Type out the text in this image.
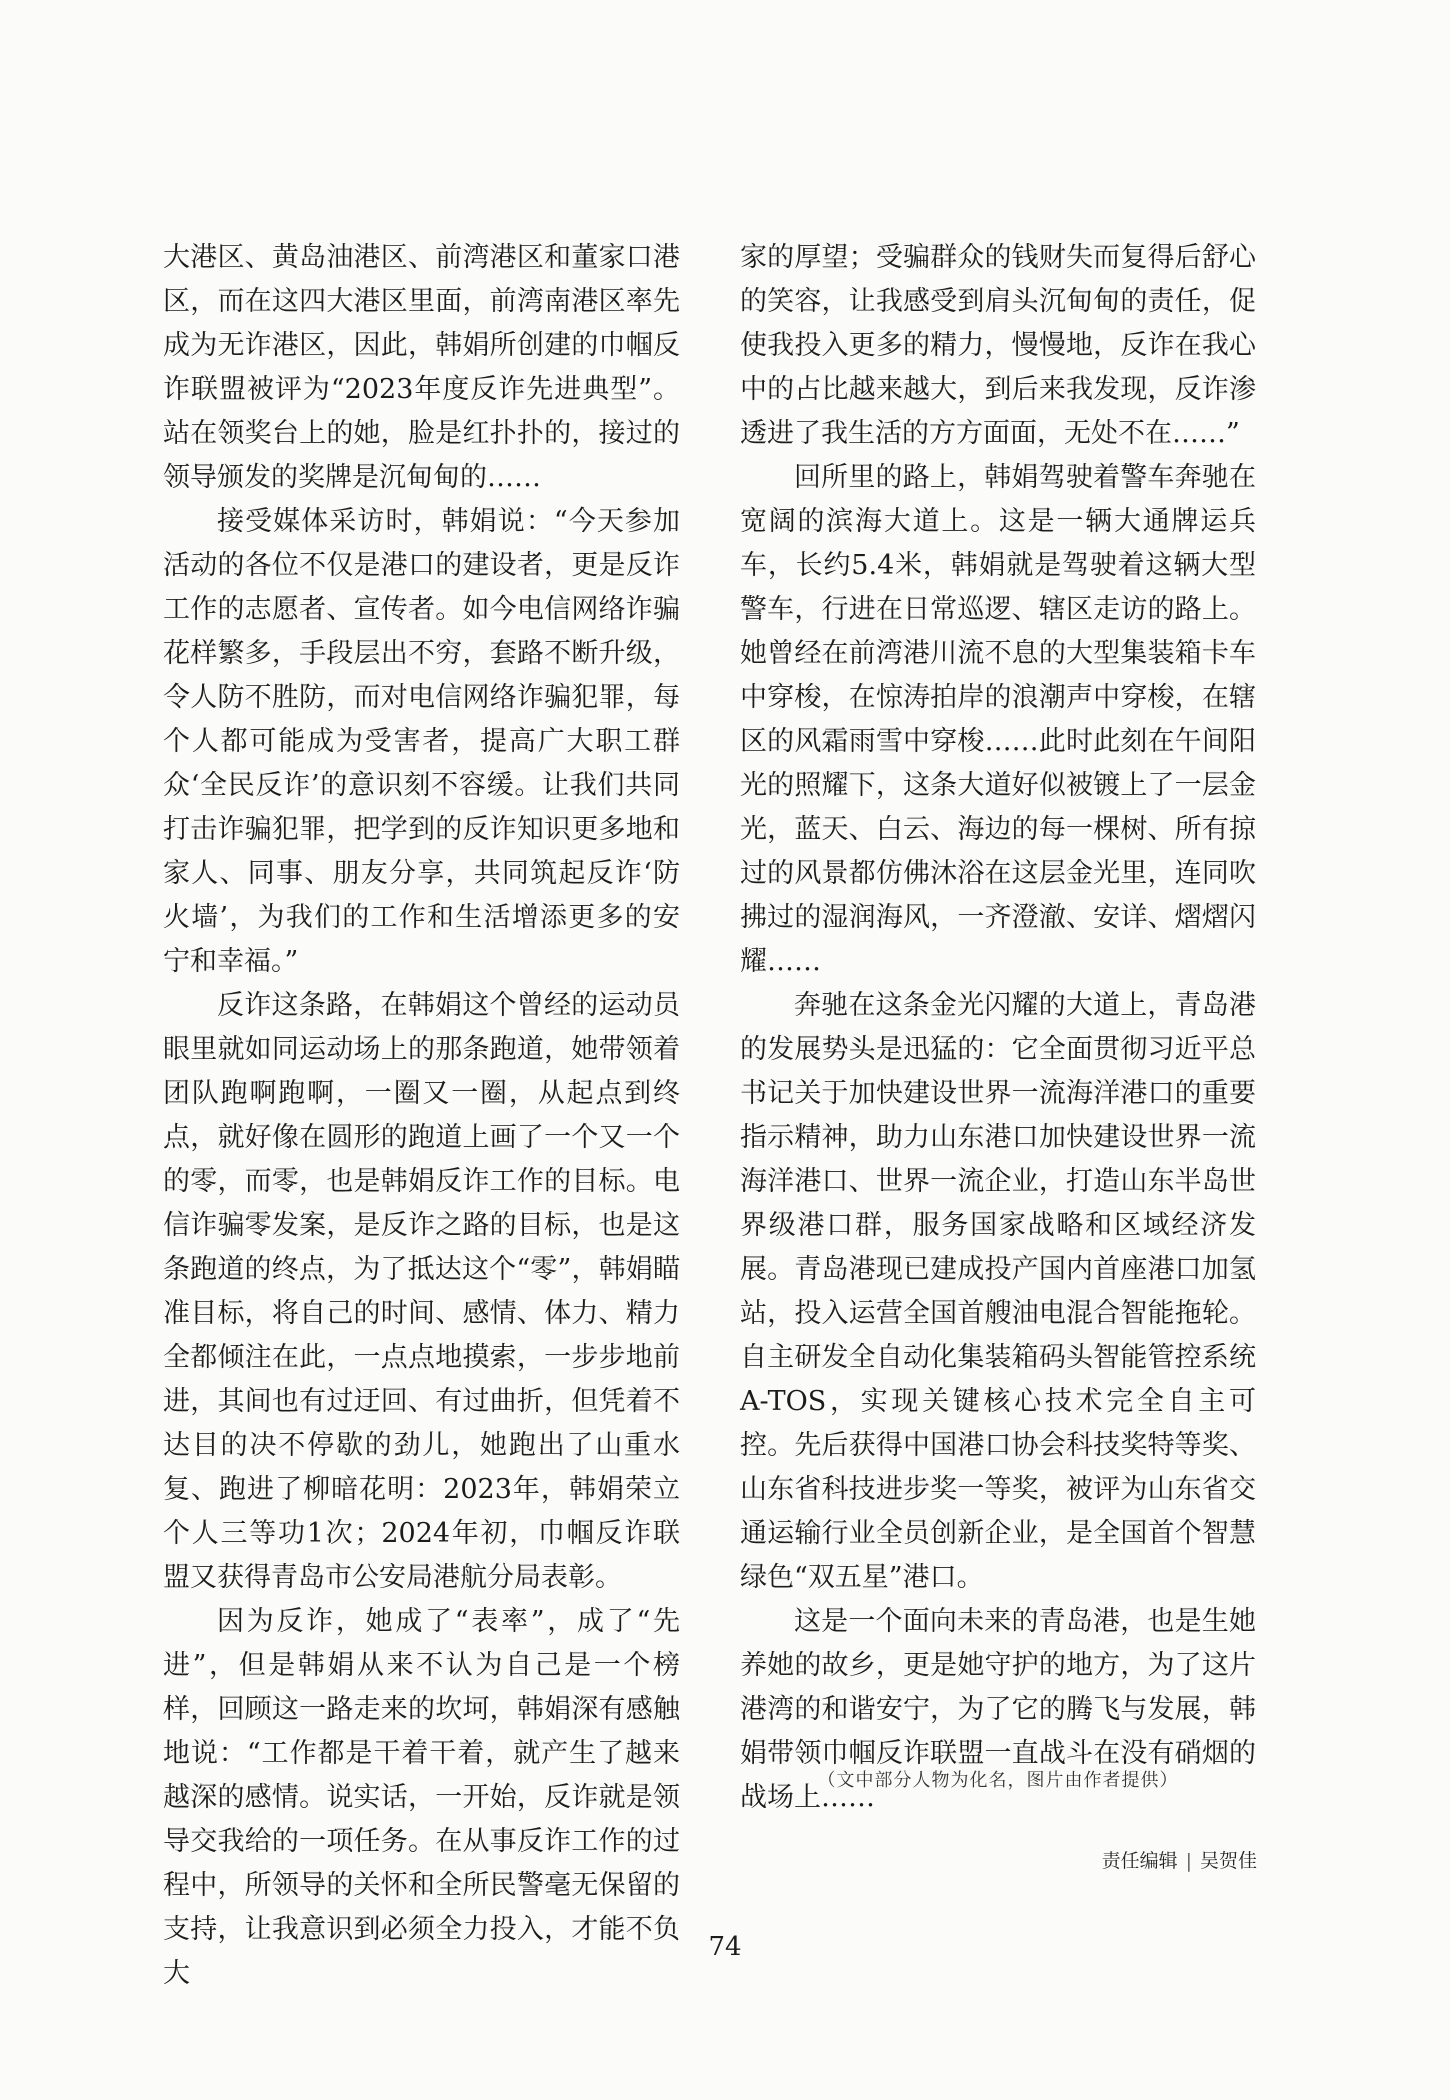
大港区、黄岛油港区、前湾港区和董家口港区，而在这四大港区里面，前湾南港区率先成为无诈港区，因此，韩娟所创建的巾帼反诈联盟被评为“2023年度反诈先进典型”。站在领奖台上的她，脸是红扑扑的，接过的领导颁发的奖牌是沉甸甸的……

接受媒体采访时，韩娟说：“今天参加活动的各位不仅是港口的建设者，更是反诈工作的志愿者、宣传者。如今电信网络诈骗花样繁多，手段层出不穷，套路不断升级，令人防不胜防，而对电信网络诈骗犯罪，每个人都可能成为受害者，提高广大职工群众‘全民反诈’的意识刻不容缓。让我们共同打击诈骗犯罪，把学到的反诈知识更多地和家人、同事、朋友分享，共同筑起反诈‘防火墙’，为我们的工作和生活增添更多的安宁和幸福。”

反诈这条路，在韩娟这个曾经的运动员眼里就如同运动场上的那条跑道，她带领着团队跑啊跑啊，一圈又一圈，从起点到终点，就好像在圆形的跑道上画了一个又一个的零，而零，也是韩娟反诈工作的目标。电信诈骗零发案，是反诈之路的目标，也是这条跑道的终点，为了抵达这个“零”，韩娟瞄准目标，将自己的时间、感情、体力、精力全都倾注在此，一点点地摸索，一步步地前进，其间也有过迂回、有过曲折，但凭着不达目的决不停歇的劲儿，她跑出了山重水复、跑进了柳暗花明：2023年，韩娟荣立个人三等功1次；2024年初，巾帼反诈联盟又获得青岛市公安局港航分局表彰。

因为反诈，她成了“表率”，成了“先进”，但是韩娟从来不认为自己是一个榜样，回顾这一路走来的坎坷，韩娟深有感触地说：“工作都是干着干着，就产生了越来越深的感情。说实话，一开始，反诈就是领导交我给的一项任务。在从事反诈工作的过程中，所领导的关怀和全所民警毫无保留的支持，让我意识到必须全力投入，才能不负大

家的厚望；受骗群众的钱财失而复得后舒心的笑容，让我感受到肩头沉甸甸的责任，促使我投入更多的精力，慢慢地，反诈在我心中的占比越来越大，到后来我发现，反诈渗透进了我生活的方方面面，无处不在……”

回所里的路上，韩娟驾驶着警车奔驰在宽阔的滨海大道上。这是一辆大通牌运兵车，长约5.4米，韩娟就是驾驶着这辆大型警车，行进在日常巡逻、辖区走访的路上。她曾经在前湾港川流不息的大型集装箱卡车中穿梭，在惊涛拍岸的浪潮声中穿梭，在辖区的风霜雨雪中穿梭……此时此刻在午间阳光的照耀下，这条大道好似被镀上了一层金光，蓝天、白云、海边的每一棵树、所有掠过的风景都仿佛沐浴在这层金光里，连同吹拂过的湿润海风，一齐澄澈、安详、熠熠闪耀……

奔驰在这条金光闪耀的大道上，青岛港的发展势头是迅猛的：它全面贯彻习近平总书记关于加快建设世界一流海洋港口的重要指示精神，助力山东港口加快建设世界一流海洋港口、世界一流企业，打造山东半岛世界级港口群，服务国家战略和区域经济发展。青岛港现已建成投产国内首座港口加氢站，投入运营全国首艘油电混合智能拖轮。自主研发全自动化集装箱码头智能管控系统A-TOS，实现关键核心技术完全自主可控。先后获得中国港口协会科技奖特等奖、山东省科技进步奖一等奖，被评为山东省交通运输行业全员创新企业，是全国首个智慧绿色“双五星”港口。

这是一个面向未来的青岛港，也是生她养她的故乡，更是她守护的地方，为了这片港湾的和谐安宁，为了它的腾飞与发展，韩娟带领巾帼反诈联盟一直战斗在没有硝烟的战场上……

（文中部分人物为化名，图片由作者提供）
责任编辑 | 吴贺佳
74
